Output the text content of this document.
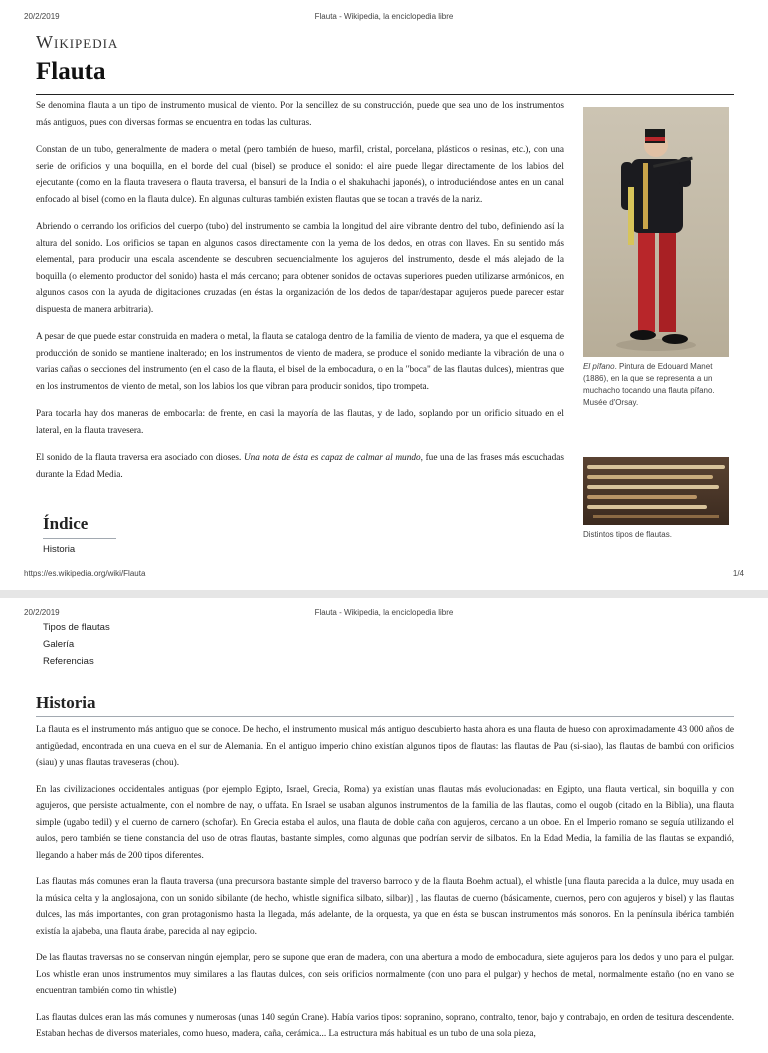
20/2/2019	Flauta - Wikipedia, la enciclopedia libre
Wikipedia
Flauta

Se denomina flauta a un tipo de instrumento musical de viento. Por la sencillez de su construcción, puede que sea uno de los instrumentos más antiguos, pues con diversas formas se encuentra en todas las culturas.

Constan de un tubo, generalmente de madera o metal (pero también de hueso, marfil, cristal, porcelana, plásticos o resinas, etc.), con una serie de orificios y una boquilla, en el borde del cual (bisel) se produce el sonido: el aire puede llegar directamente de los labios del ejecutante (como en la flauta travesera o flauta traversa, el bansuri de la India o el shakuhachi japonés), o introduciéndose antes en un canal enfocado al bisel (como en la flauta dulce). En algunas culturas también existen flautas que se tocan a través de la nariz.

Abriendo o cerrando los orificios del cuerpo (tubo) del instrumento se cambia la longitud del aire vibrante dentro del tubo, definiendo así la altura del sonido. Los orificios se tapan en algunos casos directamente con la yema de los dedos, en otras con llaves. En su sentido más elemental, para producir una escala ascendente se descubren secuencialmente los agujeros del instrumento, desde el más alejado de la boquilla (o elemento productor del sonido) hasta el más cercano; para obtener sonidos de octavas superiores pueden utilizarse armónicos, en algunos casos con la ayuda de digitaciones cruzadas (en éstas la organización de los dedos de tapar/destapar agujeros puede parecer estar dispuesta de manera arbitraria).

A pesar de que puede estar construida en madera o metal, la flauta se cataloga dentro de la familia de viento de madera, ya que el esquema de producción de sonido se mantiene inalterado; en los instrumentos de viento de madera, se produce el sonido mediante la vibración de una o varias cañas o secciones del instrumento (en el caso de la flauta, el bisel de la embocadura, o en la "boca" de las flautas dulces), mientras que en los instrumentos de viento de metal, son los labios los que vibran para producir sonidos, tipo trompeta.

Para tocarla hay dos maneras de embocarla: de frente, en casi la mayoría de las flautas, y de lado, soplando por un orificio situado en el lateral, en la flauta travesera.

El sonido de la flauta traversa era asociado con dioses. Una nota de ésta es capaz de calmar al mundo, fue una de las frases más escuchadas durante la Edad Media.

El pífano. Pintura de Edouard Manet (1886), en la que se representa a un muchacho tocando una flauta pífano. Musée d'Orsay.
Distintos tipos de flautas.
Índice
Historia
https://es.wikipedia.org/wiki/Flauta	1/4
20/2/2019	Flauta - Wikipedia, la enciclopedia libre
Tipos de flautas
Galería
Referencias
Historia

La flauta es el instrumento más antiguo que se conoce. De hecho, el instrumento musical más antiguo descubierto hasta ahora es una flauta de hueso con aproximadamente 43 000 años de antigüedad, encontrada en una cueva en el sur de Alemania. En el antiguo imperio chino existían algunos tipos de flautas: las flautas de Pau (si-siao), las flautas de bambú con orificios (siau) y unas flautas traveseras (chou).

En las civilizaciones occidentales antiguas (por ejemplo Egipto, Israel, Grecia, Roma) ya existían unas flautas más evolucionadas: en Egipto, una flauta vertical, sin boquilla y con agujeros, que persiste actualmente, con el nombre de nay, o uffata. En Israel se usaban algunos instrumentos de la familia de las flautas, como el ougob (citado en la Biblia), una flauta simple (ugabo tedil) y el cuerno de carnero (schofar). En Grecia estaba el aulos, una flauta de doble caña con agujeros, cercano a un oboe. En el Imperio romano se seguía utilizando el aulos, pero también se tiene constancia del uso de otras flautas, bastante simples, como algunas que podrían servir de silbatos. En la Edad Media, la familia de las flautas se expandió, llegando a haber más de 200 tipos diferentes.

Las flautas más comunes eran la flauta traversa (una precursora bastante simple del traverso barroco y de la flauta Boehm actual), el whistle [una flauta parecida a la dulce, muy usada en la música celta y la anglosajona, con un sonido sibilante (de hecho, whistle significa silbato, silbar)] , las flautas de cuerno (básicamente, cuernos, pero con agujeros y bisel) y las flautas dulces, las más importantes, con gran protagonismo hasta la llegada, más adelante, de la orquesta, ya que en ésta se buscan instrumentos más sonoros. En la península ibérica también existía la ajabeba, una flauta árabe, parecida al nay egipcio.

De las flautas traversas no se conservan ningún ejemplar, pero se supone que eran de madera, con una abertura a modo de embocadura, siete agujeros para los dedos y uno para el pulgar. Los whistle eran unos instrumentos muy similares a las flautas dulces, con seis orificios normalmente (con uno para el pulgar) y hechos de metal, normalmente estaño (no en vano se encuentran también como tin whistle)

Las flautas dulces eran las más comunes y numerosas (unas 140 según Crane). Había varios tipos: sopranino, soprano, contralto, tenor, bajo y contrabajo, en orden de tesitura descendente. Estaban hechas de diversos materiales, como hueso, madera, caña, cerámica... La estructura más habitual es un tubo de una sola pieza,
